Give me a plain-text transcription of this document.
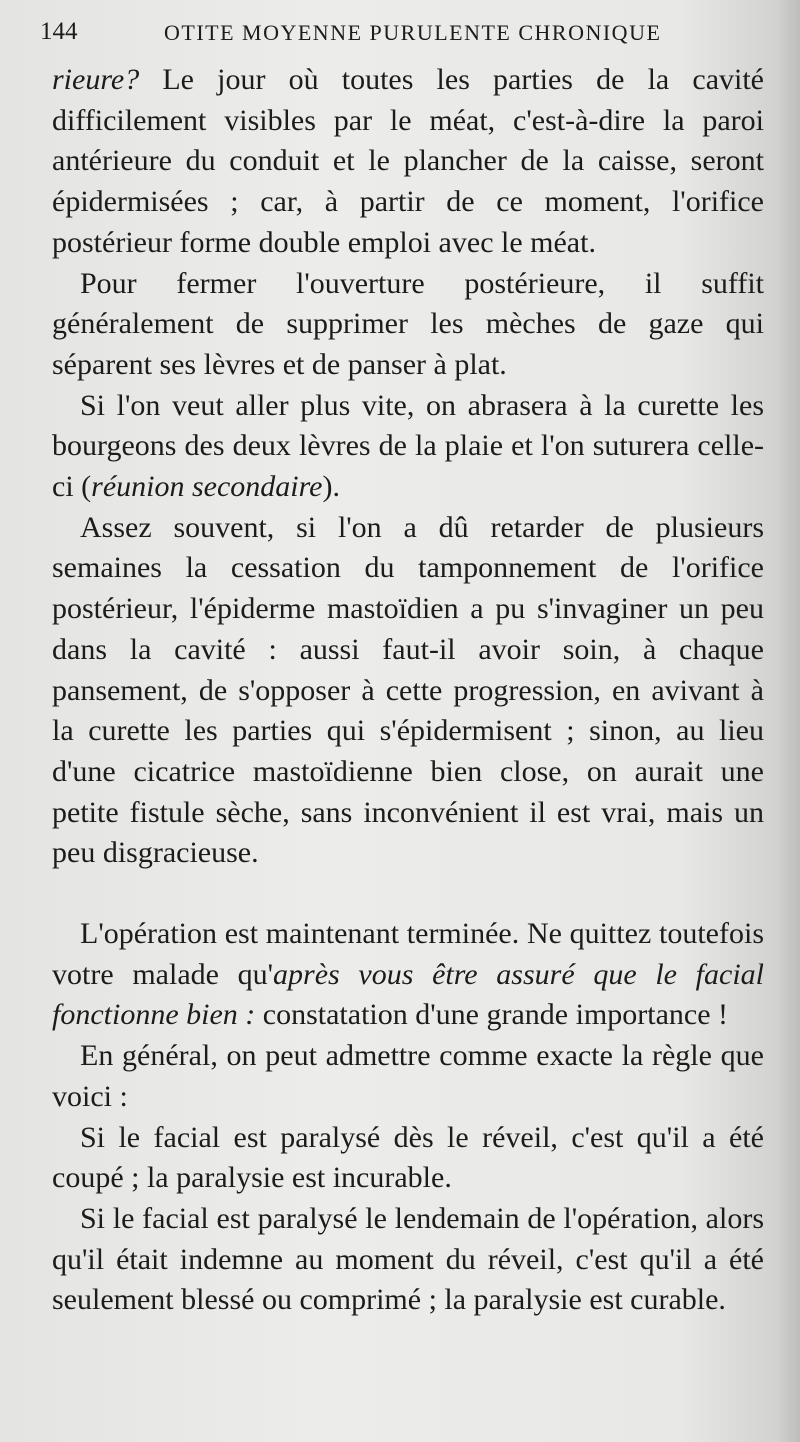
144	OTITE MOYENNE PURULENTE CHRONIQUE

rieure? Le jour où toutes les parties de la cavité difficilement visibles par le méat, c'est-à-dire la paroi antérieure du conduit et le plancher de la caisse, seront épidermisées ; car, à partir de ce moment, l'orifice postérieur forme double emploi avec le méat.

Pour fermer l'ouverture postérieure, il suffit généralement de supprimer les mèches de gaze qui séparent ses lèvres et de panser à plat.

Si l'on veut aller plus vite, on abrasera à la curette les bourgeons des deux lèvres de la plaie et l'on suturera celle-ci (réunion secondaire).

Assez souvent, si l'on a dû retarder de plusieurs semaines la cessation du tamponnement de l'orifice postérieur, l'épiderme mastoïdien a pu s'invaginer un peu dans la cavité : aussi faut-il avoir soin, à chaque pansement, de s'opposer à cette progression, en avivant à la curette les parties qui s'épidermisent ; sinon, au lieu d'une cicatrice mastoïdienne bien close, on aurait une petite fistule sèche, sans inconvénient il est vrai, mais un peu disgracieuse.

L'opération est maintenant terminée. Ne quittez toutefois votre malade qu'après vous être assuré que le facial fonctionne bien : constatation d'une grande importance !

En général, on peut admettre comme exacte la règle que voici :

Si le facial est paralysé dès le réveil, c'est qu'il a été coupé ; la paralysie est incurable.

Si le facial est paralysé le lendemain de l'opération, alors qu'il était indemne au moment du réveil, c'est qu'il a été seulement blessé ou comprimé ; la paralysie est curable.
